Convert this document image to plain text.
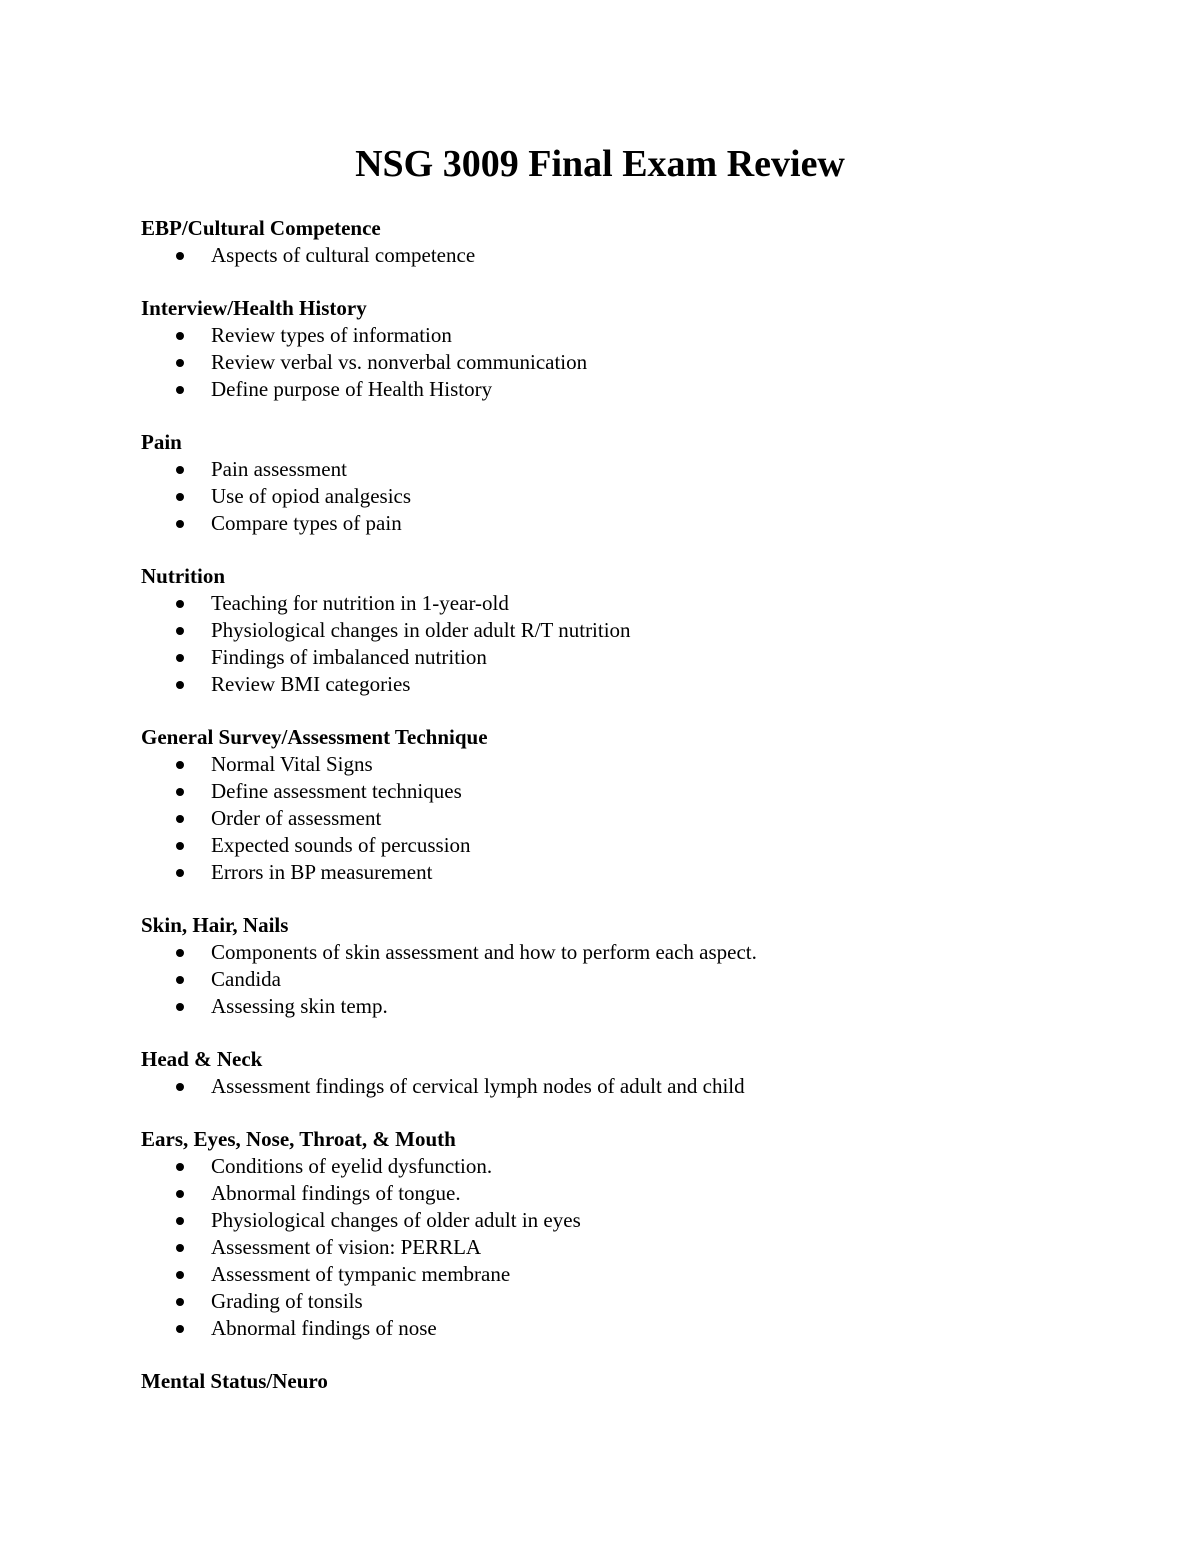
NSG 3009 Final Exam Review
EBP/Cultural Competence
Aspects of cultural competence
Interview/Health History
Review types of information
Review verbal vs. nonverbal communication
Define purpose of Health History
Pain
Pain assessment
Use of opiod analgesics
Compare types of pain
Nutrition
Teaching for nutrition in 1-year-old
Physiological changes in older adult R/T nutrition
Findings of imbalanced nutrition
Review BMI categories
General Survey/Assessment Technique
Normal Vital Signs
Define assessment techniques
Order of assessment
Expected sounds of percussion
Errors in BP measurement
Skin, Hair, Nails
Components of skin assessment and how to perform each aspect.
Candida
Assessing skin temp.
Head & Neck
Assessment findings of cervical lymph nodes of adult and child
Ears, Eyes, Nose, Throat, & Mouth
Conditions of eyelid dysfunction.
Abnormal findings of tongue.
Physiological changes of older adult in eyes
Assessment of vision: PERRLA
Assessment of tympanic membrane
Grading of tonsils
Abnormal findings of nose
Mental Status/Neuro
